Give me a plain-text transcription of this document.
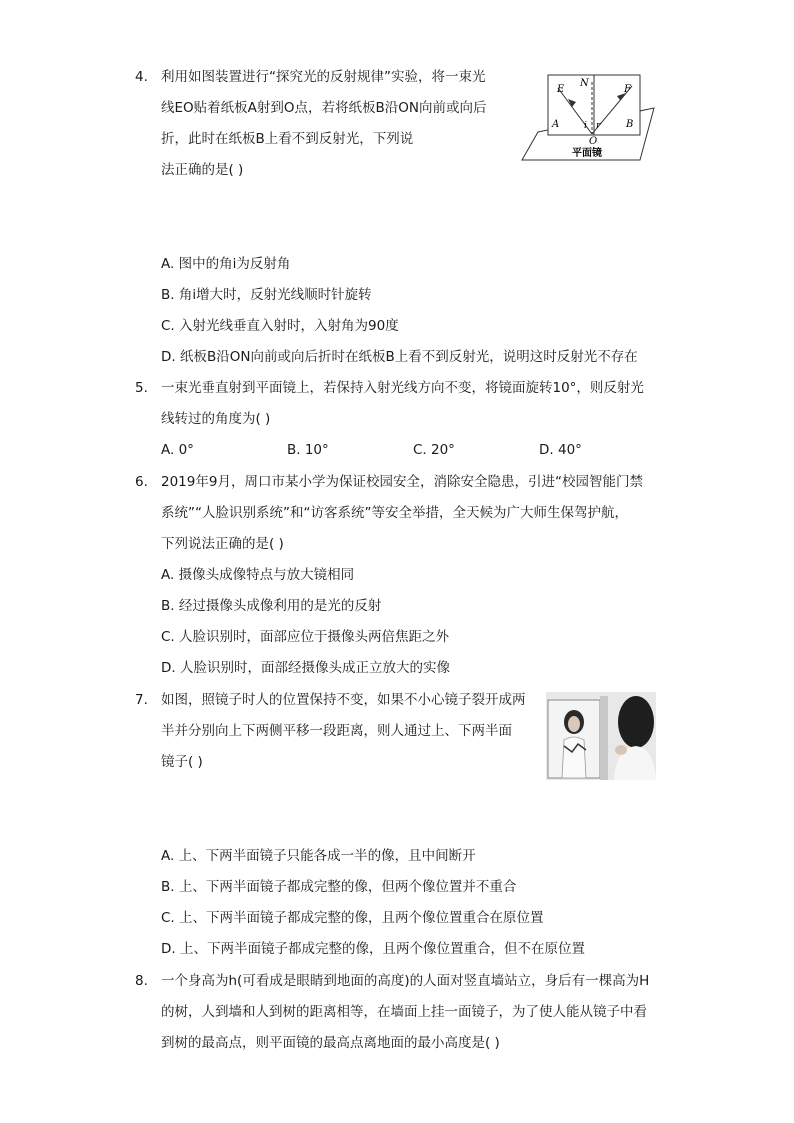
4. 利用如图装置进行“探究光的反射规律”实验，将一束光
线EO贴着纸板A射到O点，若将纸板B沿ON向前或向后
折，此时在纸板B上看不到反射光，下列说
法正确的是( )
E
N
F
A	B
i r
O
平面镜
A. 图中的角i为反射角
B. 角i增大时，反射光线顺时针旋转
C. 入射光线垂直入射时，入射角为90度
D. 纸板B沿ON向前或向后折时在纸板B上看不到反射光，说明这时反射光不存在
5. 一束光垂直射到平面镜上，若保持入射光线方向不变，将镜面旋转10°，则反射光
线转过的角度为( )
A. 0°	B. 10°	C. 20°	D. 40°
6. 2019年9月，周口市某小学为保证校园安全，消除安全隐患，引进“校园智能门禁
系统”“人脸识别系统”和“访客系统”等安全举措，全天候为广大师生保驾护航，
下列说法正确的是( )
A. 摄像头成像特点与放大镜相同
B. 经过摄像头成像利用的是光的反射
C. 人脸识别时，面部应位于摄像头两倍焦距之外
D. 人脸识别时，面部经摄像头成正立放大的实像
7. 如图，照镜子时人的位置保持不变，如果不小心镜子裂开成两
半并分别向上下两侧平移一段距离，则人通过上、下两半面
镜子( )
A. 上、下两半面镜子只能各成一半的像，且中间断开
B. 上、下两半面镜子都成完整的像，但两个像位置并不重合
C. 上、下两半面镜子都成完整的像，且两个像位置重合在原位置
D. 上、下两半面镜子都成完整的像，且两个像位置重合，但不在原位置
8. 一个身高为h(可看成是眼睛到地面的高度)的人面对竖直墙站立，身后有一棵高为H
的树，人到墙和人到树的距离相等，在墙面上挂一面镜子，为了使人能从镜子中看
到树的最高点，则平面镜的最高点离地面的最小高度是( )
